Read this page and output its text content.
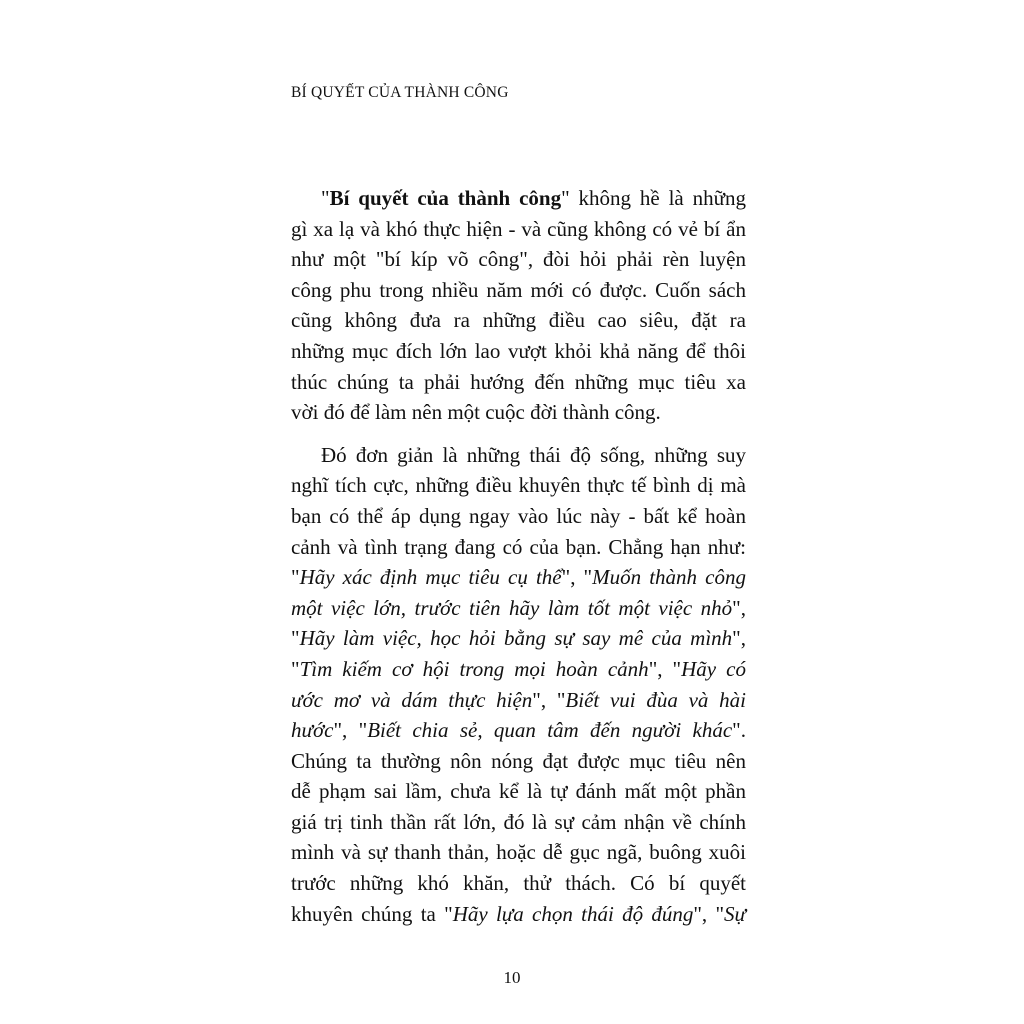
BÍ QUYẾT CỦA THÀNH CÔNG
"Bí quyết của thành công" không hề là những
gì xa lạ và khó thực hiện - và cũng không có vẻ bí ẩn
như một "bí kíp võ công", đòi hỏi phải rèn luyện
công phu trong nhiều năm mới có được. Cuốn sách
cũng không đưa ra những điều cao siêu, đặt ra
những mục đích lớn lao vượt khỏi khả năng để thôi
thúc chúng ta phải hướng đến những mục tiêu xa
vời đó để làm nên một cuộc đời thành công.
Đó đơn giản là những thái độ sống, những suy
nghĩ tích cực, những điều khuyên thực tế bình dị mà
bạn có thể áp dụng ngay vào lúc này - bất kể hoàn
cảnh và tình trạng đang có của bạn. Chẳng hạn như:
"Hãy xác định mục tiêu cụ thể", "Muốn thành công
một việc lớn, trước tiên hãy làm tốt một việc nhỏ",
"Hãy làm việc, học hỏi bằng sự say mê của mình",
"Tìm kiếm cơ hội trong mọi hoàn cảnh", "Hãy có
ước mơ và dám thực hiện", "Biết vui đùa và hài
hước", "Biết chia sẻ, quan tâm đến người khác".
Chúng ta thường nôn nóng đạt được mục tiêu nên
dễ phạm sai lầm, chưa kể là tự đánh mất một phần
giá trị tinh thần rất lớn, đó là sự cảm nhận về chính
mình và sự thanh thản, hoặc dễ gục ngã, buông xuôi
trước những khó khăn, thử thách. Có bí quyết
khuyên chúng ta "Hãy lựa chọn thái độ đúng", "Sự
10
